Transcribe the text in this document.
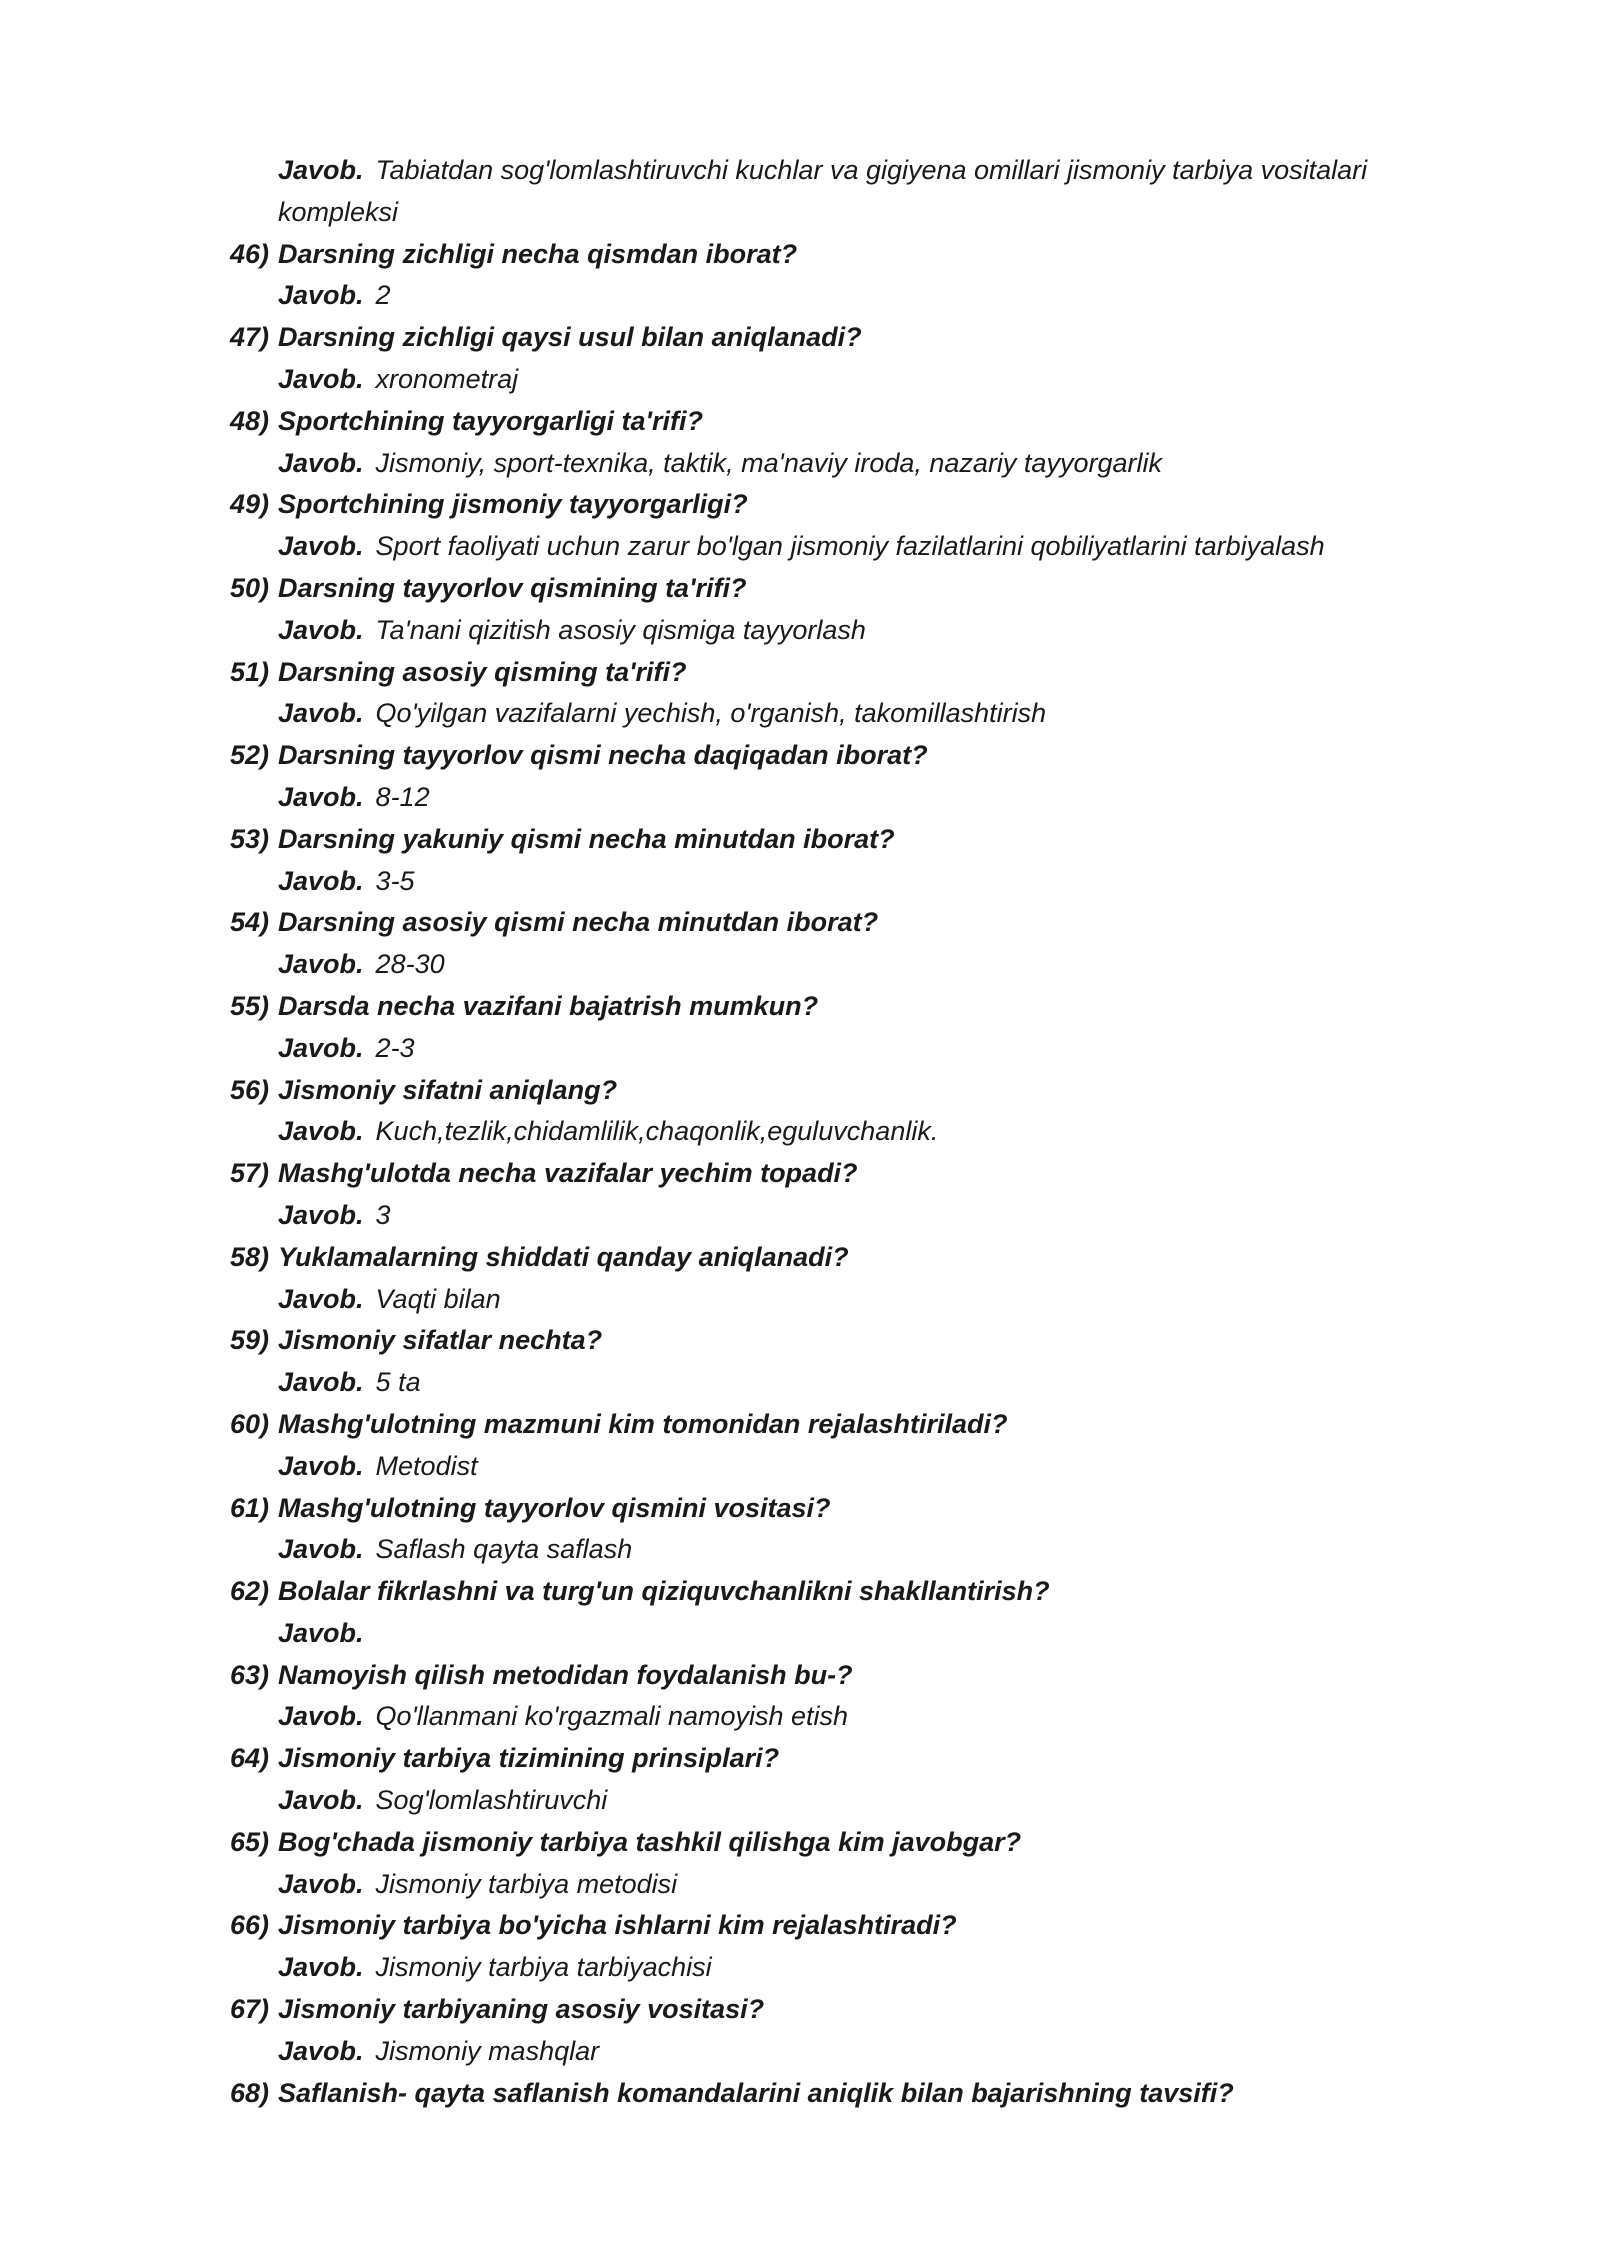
Javob. Tabiatdan sog'lomlashtiruvchi kuchlar va gigiyena omillari jismoniy tarbiya vositalari kompleksi
46) Darsning zichligi necha qismdan iborat?
Javob. 2
47) Darsning zichligi qaysi usul bilan aniqlanadi?
Javob. xronometraj
48) Sportchining tayyorgarligi ta'rifi?
Javob. Jismoniy, sport-texnika, taktik, ma'naviy iroda, nazariy tayyorgarlik
49) Sportchining jismoniy tayyorgarligi?
Javob. Sport faoliyati uchun zarur bo'lgan jismoniy fazilatlarini qobiliyatlarini tarbiyalash
50) Darsning tayyorlov qismining ta'rifi?
Javob. Ta'nani qizitish asosiy qismiga tayyorlash
51) Darsning asosiy qisming ta'rifi?
Javob. Qo'yilgan vazifalarni yechish, o'rganish, takomillashtirish
52) Darsning tayyorlov qismi necha daqiqadan iborat?
Javob. 8-12
53) Darsning yakuniy qismi necha minutdan iborat?
Javob. 3-5
54) Darsning asosiy qismi necha minutdan iborat?
Javob. 28-30
55) Darsda necha vazifani bajatrish mumkun?
Javob. 2-3
56) Jismoniy sifatni aniqlang?
Javob. Kuch,tezlik,chidamlilik,chaqonlik,eguluvchanlik.
57) Mashg'ulotda necha vazifalar yechim topadi?
Javob. 3
58) Yuklamalarning shiddati qanday aniqlanadi?
Javob. Vaqti bilan
59) Jismoniy sifatlar nechta?
Javob. 5 ta
60) Mashg'ulotning mazmuni kim tomonidan rejalashtiriladi?
Javob. Metodist
61) Mashg'ulotning tayyorlov qismini vositasi?
Javob. Saflash qayta saflash
62) Bolalar fikrlashni va turg'un qiziquvchanlikni shakllantirish?
Javob.
63) Namoyish qilish metodidan foydalanish bu-?
Javob. Qo'llanmani ko'rgazmali namoyish etish
64) Jismoniy tarbiya tizimining prinsiplari?
Javob. Sog'lomlashtiruvchi
65) Bog'chada jismoniy tarbiya tashkil qilishga kim javobgar?
Javob. Jismoniy tarbiya metodisi
66) Jismoniy tarbiya bo'yicha ishlarni kim rejalashtiradi?
Javob. Jismoniy tarbiya tarbiyachisi
67) Jismoniy tarbiyaning asosiy vositasi?
Javob. Jismoniy mashqlar
68) Saflanish- qayta saflanish komandalarini aniqlik bilan bajarishning tavsifi?
